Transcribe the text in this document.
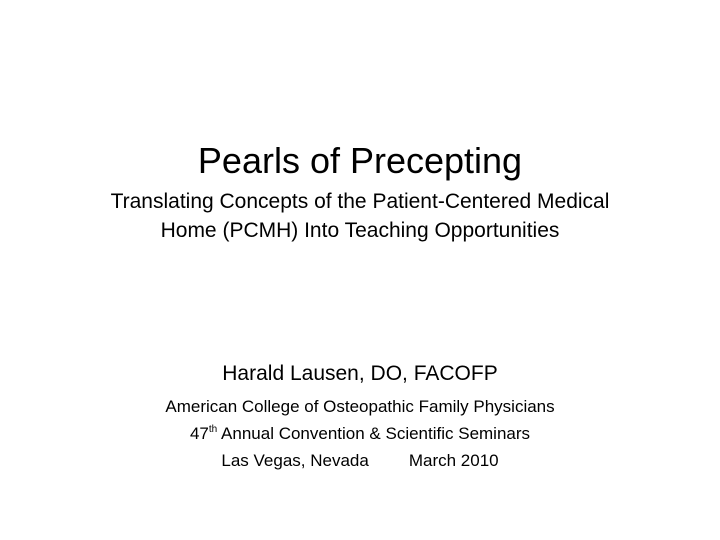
Pearls of Precepting
Translating Concepts of the Patient-Centered Medical
Home (PCMH) Into Teaching Opportunities
Harald Lausen, DO, FACOFP
American College of Osteopathic Family Physicians
47th Annual Convention & Scientific Seminars
Las Vegas, Nevada March 2010
